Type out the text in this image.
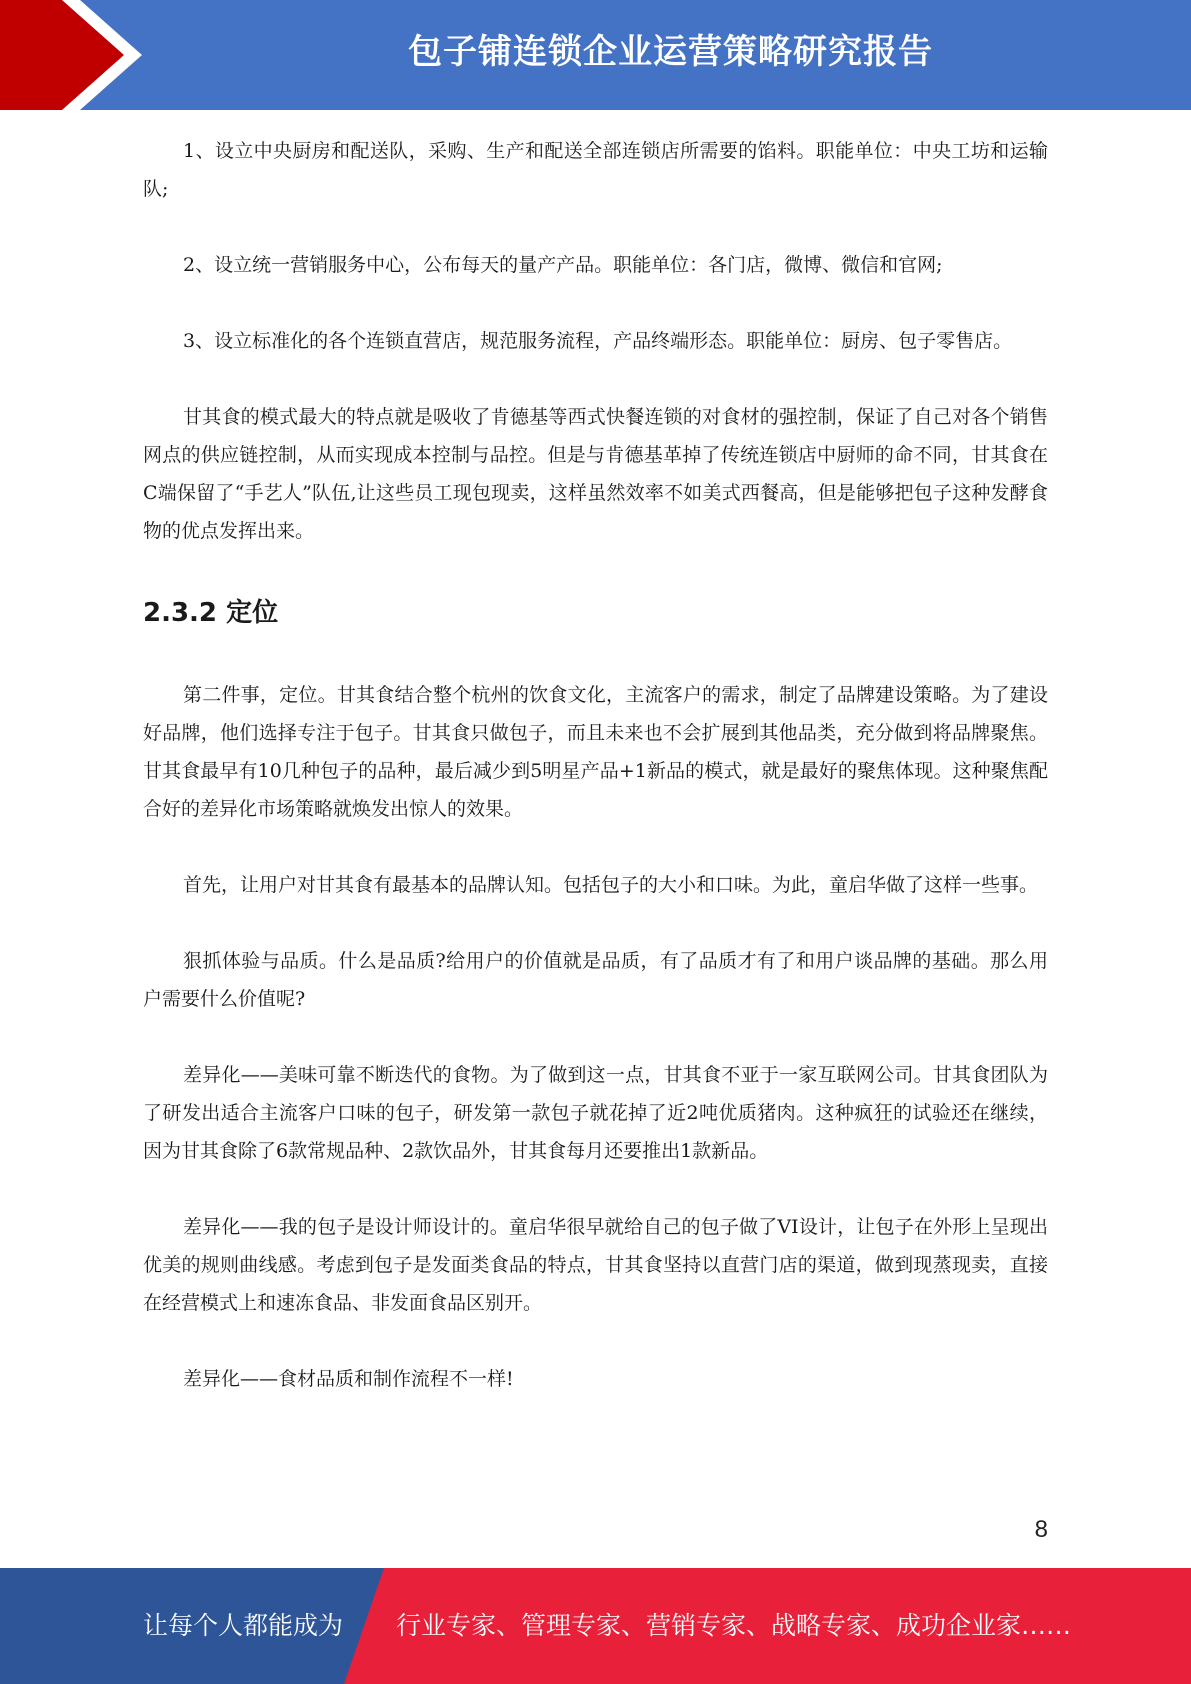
包子铺连锁企业运营策略研究报告

1、设立中央厨房和配送队，采购、生产和配送全部连锁店所需要的馅料。职能单位：中央工坊和运输队;

2、设立统一营销服务中心，公布每天的量产产品。职能单位：各门店，微博、微信和官网;

3、设立标准化的各个连锁直营店，规范服务流程，产品终端形态。职能单位：厨房、包子零售店。

甘其食的模式最大的特点就是吸收了肯德基等西式快餐连锁的对食材的强控制，保证了自己对各个销售网点的供应链控制，从而实现成本控制与品控。但是与肯德基革掉了传统连锁店中厨师的命不同，甘其食在C端保留了“手艺人”队伍,让这些员工现包现卖，这样虽然效率不如美式西餐高，但是能够把包子这种发酵食物的优点发挥出来。

2.3.2 定位

第二件事，定位。甘其食结合整个杭州的饮食文化，主流客户的需求，制定了品牌建设策略。为了建设好品牌，他们选择专注于包子。甘其食只做包子，而且未来也不会扩展到其他品类，充分做到将品牌聚焦。甘其食最早有10几种包子的品种，最后减少到5明星产品+1新品的模式，就是最好的聚焦体现。这种聚焦配合好的差异化市场策略就焕发出惊人的效果。

首先，让用户对甘其食有最基本的品牌认知。包括包子的大小和口味。为此，童启华做了这样一些事。

狠抓体验与品质。什么是品质?给用户的价值就是品质，有了品质才有了和用户谈品牌的基础。那么用户需要什么价值呢?

差异化——美味可靠不断迭代的食物。为了做到这一点，甘其食不亚于一家互联网公司。甘其食团队为了研发出适合主流客户口味的包子，研发第一款包子就花掉了近2吨优质猪肉。这种疯狂的试验还在继续，因为甘其食除了6款常规品种、2款饮品外，甘其食每月还要推出1款新品。

差异化——我的包子是设计师设计的。童启华很早就给自己的包子做了VI设计，让包子在外形上呈现出优美的规则曲线感。考虑到包子是发面类食品的特点，甘其食坚持以直营门店的渠道，做到现蒸现卖，直接在经营模式上和速冻食品、非发面食品区别开。

差异化——食材品质和制作流程不一样!

8
让每个人都能成为 行业专家、管理专家、营销专家、战略专家、成功企业家……
